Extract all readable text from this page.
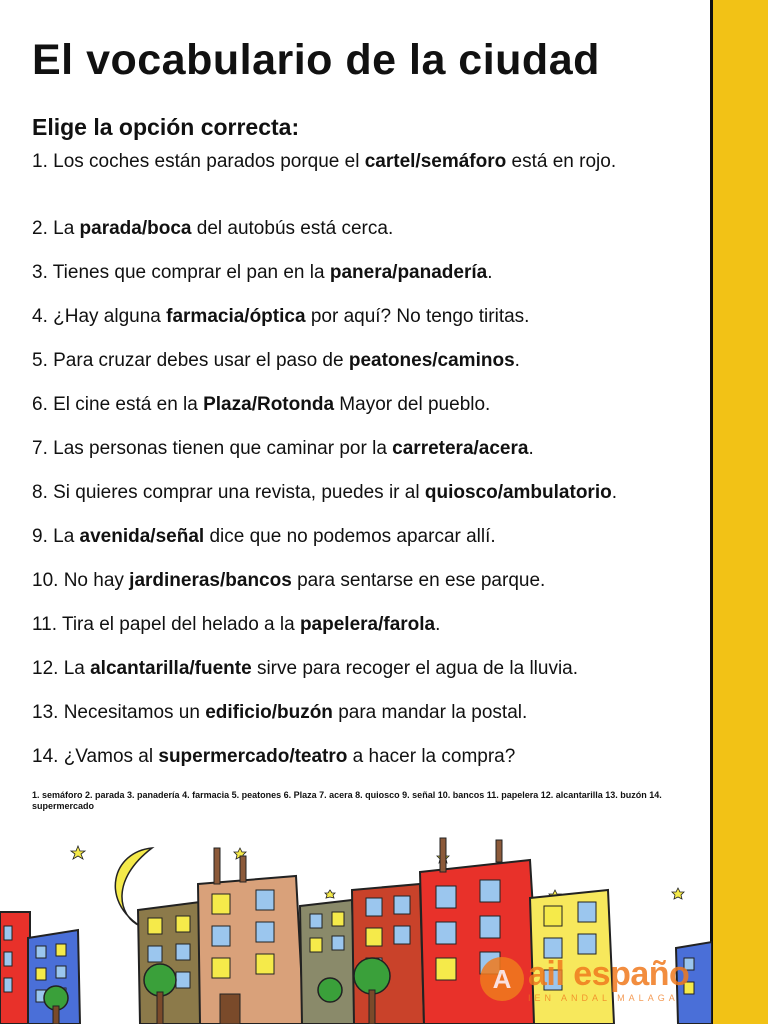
El vocabulario de la ciudad
Elige la opción correcta:
1. Los coches están parados porque el cartel/semáforo está en rojo.
2. La parada/boca del autobús está cerca.
3. Tienes que comprar el pan en la panera/panadería.
4. ¿Hay alguna farmacia/óptica por aquí? No tengo tiritas.
5. Para cruzar debes usar el paso de peatones/caminos.
6. El cine está en la Plaza/Rotonda Mayor del pueblo.
7. Las personas tienen que caminar por la carretera/acera.
8. Si quieres comprar una revista, puedes ir al quiosco/ambulatorio.
9. La avenida/señal dice que no podemos aparcar allí.
10. No hay jardineras/bancos para sentarse en ese parque.
11. Tira el papel del helado a la papelera/farola.
12. La alcantarilla/fuente sirve para recoger el agua de la lluvia.
13. Necesitamos un edificio/buzón para mandar la postal.
14. ¿Vamos al supermercado/teatro a hacer la compra?
1. semáforo 2. parada 3. panadería 4. farmacia 5. peatones 6. Plaza 7. acera 8. quiosco 9. señal 10. bancos 11. papelera 12. alcantarilla 13. buzón 14. supermercado
A ail españo
IEN ANDAL MALAGA
